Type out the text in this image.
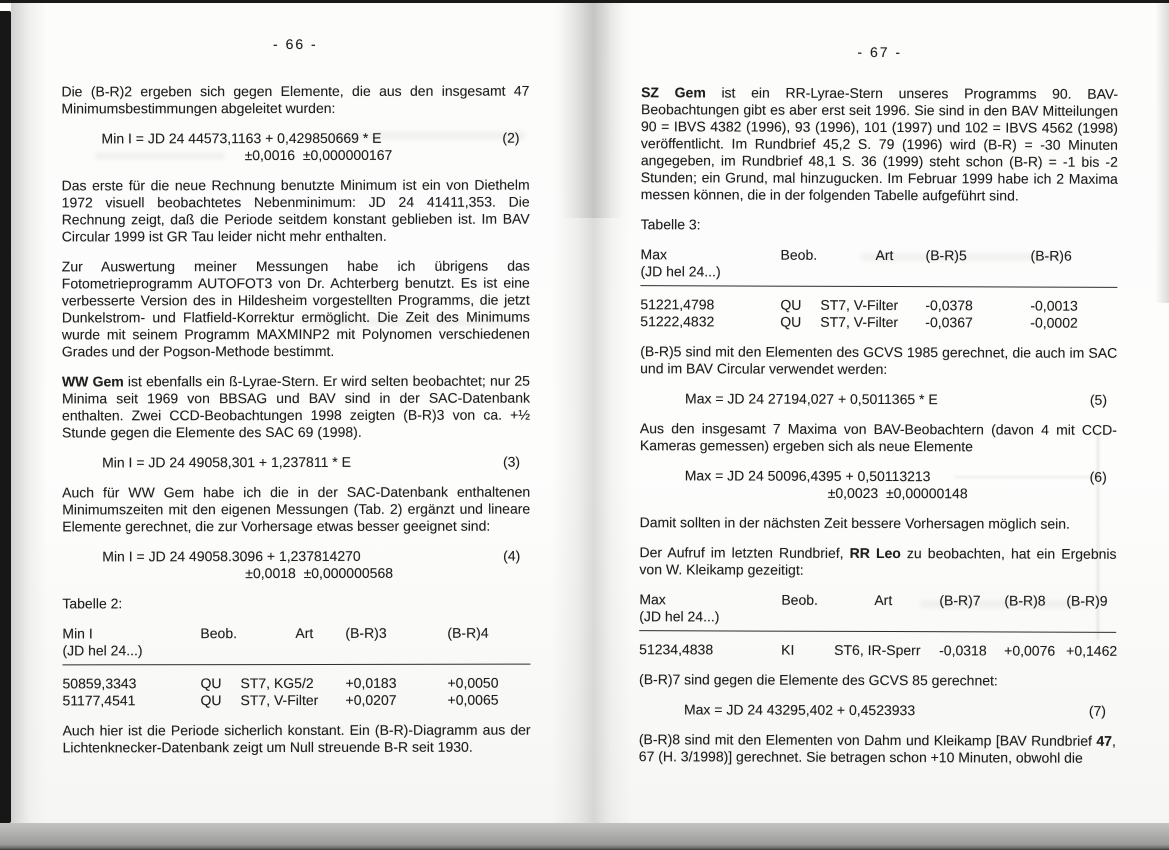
- 66 -

Die (B-R)2 ergeben sich gegen Elemente, die aus den insgesamt 47 Minimumsbestimmungen abgeleitet wurden:

Min I = JD 24 44573,1163 + 0,429850669 * E	(2)
±0,0016  ±0,000000167

Das erste für die neue Rechnung benutzte Minimum ist ein von Diethelm 1972 visuell beobachtetes Nebenminimum: JD 24 41411,353. Die Rechnung zeigt, daß die Periode seitdem konstant geblieben ist. Im BAV Circular 1999 ist GR Tau leider nicht mehr enthalten.

Zur Auswertung meiner Messungen habe ich übrigens das Fotometrieprogramm AUTOFOT3 von Dr. Achterberg benutzt. Es ist eine verbesserte Version des in Hildesheim vorgestellten Programms, die jetzt Dunkelstrom- und Flatfield-Korrektur ermöglicht. Die Zeit des Minimums wurde mit seinem Programm MAXMINP2 mit Polynomen verschiedenen Grades und der Pogson-Methode bestimmt.

WW Gem ist ebenfalls ein ß-Lyrae-Stern. Er wird selten beobachtet; nur 25 Minima seit 1969 von BBSAG und BAV sind in der SAC-Datenbank enthalten. Zwei CCD-Beobachtungen 1998 zeigten (B-R)3 von ca. +½ Stunde gegen die Elemente des SAC 69 (1998).

Min I = JD 24 49058,301 + 1,237811 * E	(3)

Auch für WW Gem habe ich die in der SAC-Datenbank enthaltenen Minimumszeiten mit den eigenen Messungen (Tab. 2) ergänzt und lineare Elemente gerechnet, die zur Vorhersage etwas besser geeignet sind:

Min I = JD 24 49058.3096 + 1,237814270	(4)
±0,0018  ±0,000000568
Tabelle 2:
Min I	Beob.	Art (B-R)3	(B-R)4
(JD hel 24...)
50859,3343	QU ST7, KG5/2 +0,0183	+0,0050
51177,4541	QU ST7, V-Filter +0,0207	+0,0065

Auch hier ist die Periode sicherlich konstant. Ein (B-R)-Diagramm aus der Lichtenknecker-Datenbank zeigt um Null streuende B-R seit 1930.

- 67 -

SZ Gem ist ein RR-Lyrae-Stern unseres Programms 90. BAV-Beobachtungen gibt es aber erst seit 1996. Sie sind in den BAV Mitteilungen 90 = IBVS 4382 (1996), 93 (1996), 101 (1997) und 102 = IBVS 4562 (1998) veröffentlicht. Im Rundbrief 45,2 S. 79 (1996) wird (B-R) = -30 Minuten angegeben, im Rundbrief 48,1 S. 36 (1999) steht schon (B-R) = -1 bis -2 Stunden; ein Grund, mal hinzugucken. Im Februar 1999 habe ich 2 Maxima messen können, die in der folgenden Tabelle aufgeführt sind.

Tabelle 3:
Max	Beob.	Art (B-R)5	(B-R)6
(JD hel 24...)
51221,4798	QU ST7, V-Filter -0,0378	-0,0013
51222,4832	QU ST7, V-Filter -0,0367	-0,0002

(B-R)5 sind mit den Elementen des GCVS 1985 gerechnet, die auch im SAC und im BAV Circular verwendet werden:

Max = JD 24 27194,027 + 0,5011365 * E	(5)

Aus den insgesamt 7 Maxima von BAV-Beobachtern (davon 4 mit CCD-Kameras gemessen) ergeben sich als neue Elemente

Max = JD 24 50096,4395 + 0,50113213	(6)
±0,0023  ±0,00000148

Damit sollten in der nächsten Zeit bessere Vorhersagen möglich sein.

Der Aufruf im letzten Rundbrief, RR Leo zu beobachten, hat ein Ergebnis von W. Kleikamp gezeitigt:

Max	Beob.	Art	(B-R)7 (B-R)8 (B-R)9
(JD hel 24...)
51234,4838	KI	ST6, IR-Sperr -0,0318 +0,0076 +0,1462

(B-R)7 sind gegen die Elemente des GCVS 85 gerechnet:

Max = JD 24 43295,402 + 0,4523933	(7)

(B-R)8 sind mit den Elementen von Dahm und Kleikamp [BAV Rundbrief 47, 67 (H. 3/1998)] gerechnet. Sie betragen schon +10 Minuten, obwohl die
